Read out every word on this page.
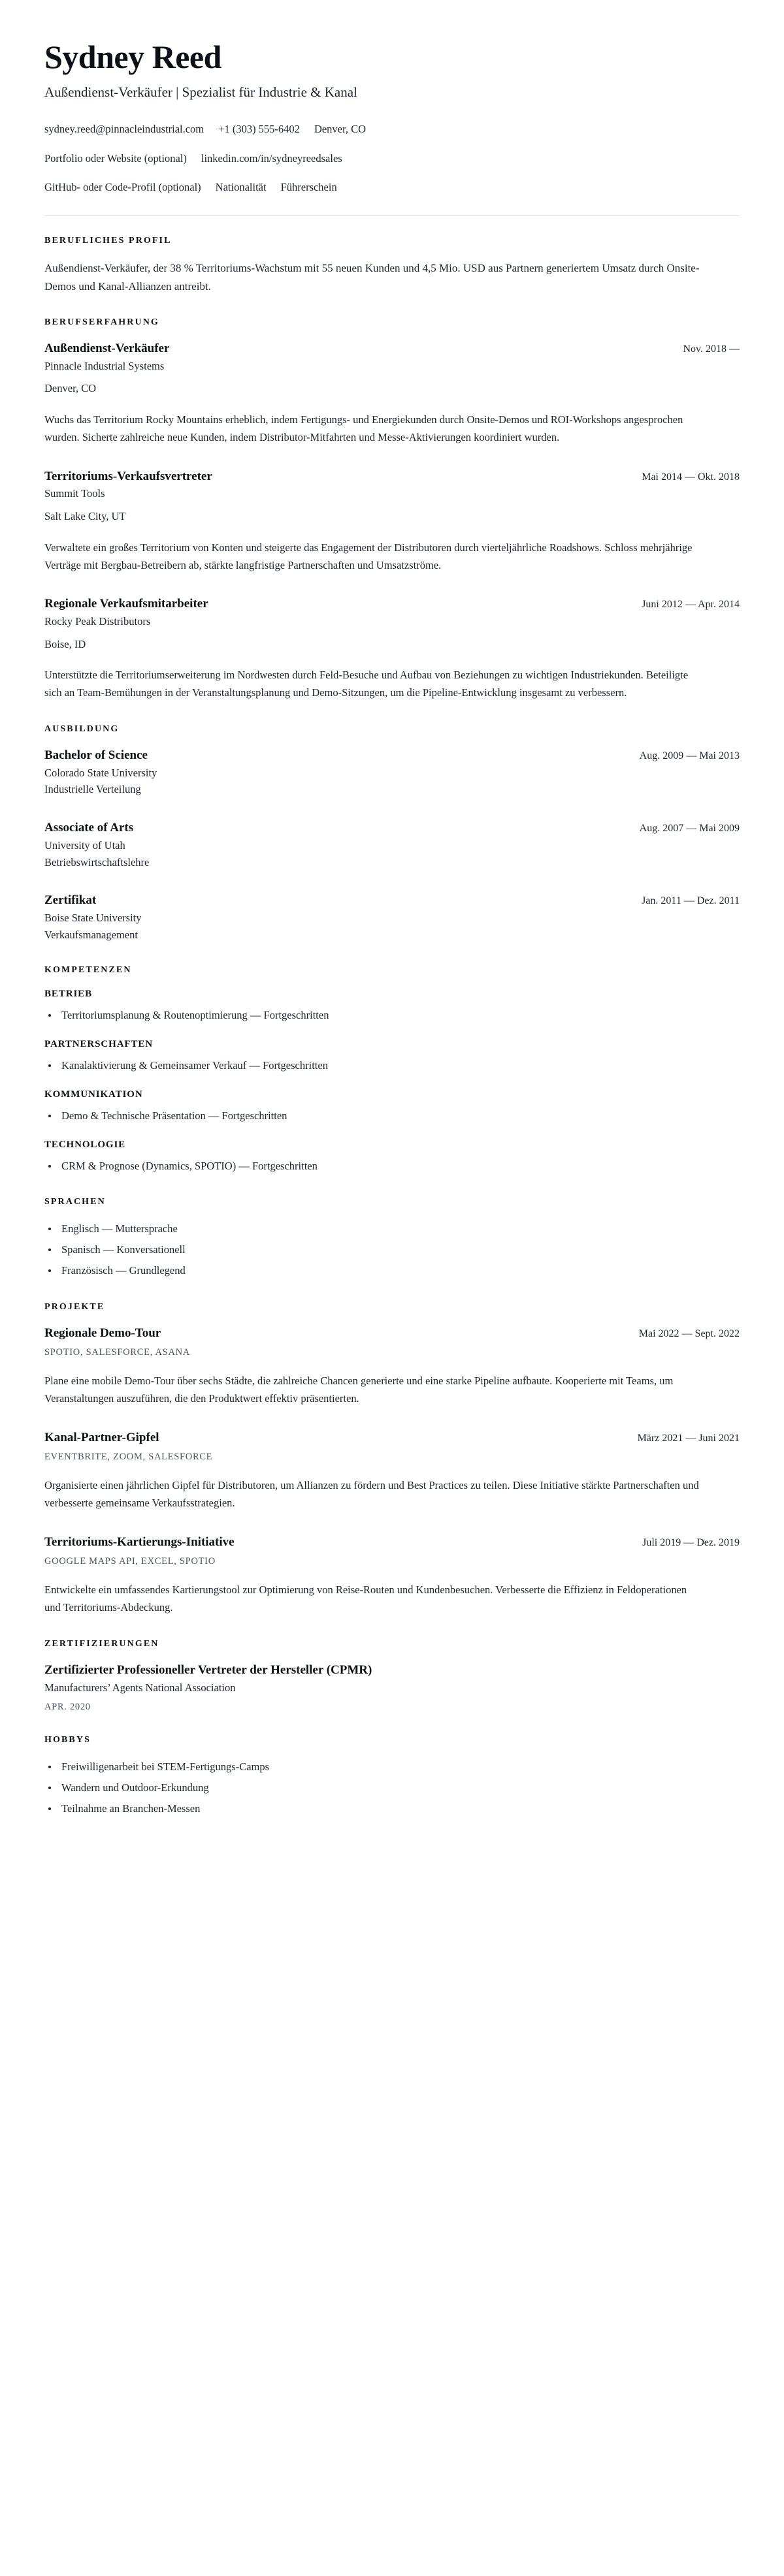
Sydney Reed
Außendienst-Verkäufer | Spezialist für Industrie & Kanal
sydney.reed@pinnacleindustrial.com +1 (303) 555-6402 Denver, CO
Portfolio oder Website (optional) linkedin.com/in/sydneyreedsales
GitHub- oder Code-Profil (optional) Nationalität Führerschein
BERUFLICHES PROFIL

Außendienst-Verkäufer, der 38 % Territoriums-Wachstum mit 55 neuen Kunden und 4,5 Mio. USD aus Partnern generiertem Umsatz durch Onsite-Demos und Kanal-Allianzen antreibt.

BERUFSERFAHRUNG
Außendienst-Verkäufer	Nov. 2018 —
Pinnacle Industrial Systems
Denver, CO

Wuchs das Territorium Rocky Mountains erheblich, indem Fertigungs- und Energiekunden durch Onsite-Demos und ROI-Workshops angesprochen wurden. Sicherte zahlreiche neue Kunden, indem Distributor-Mitfahrten und Messe-Aktivierungen koordiniert wurden.

Territoriums-Verkaufsvertreter	Mai 2014 — Okt. 2018
Summit Tools
Salt Lake City, UT

Verwaltete ein großes Territorium von Konten und steigerte das Engagement der Distributoren durch vierteljährliche Roadshows. Schloss mehrjährige Verträge mit Bergbau-Betreibern ab, stärkte langfristige Partnerschaften und Umsatzströme.

Regionale Verkaufsmitarbeiter	Juni 2012 — Apr. 2014
Rocky Peak Distributors
Boise, ID

Unterstützte die Territoriumserweiterung im Nordwesten durch Feld-Besuche und Aufbau von Beziehungen zu wichtigen Industriekunden. Beteiligte sich an Team-Bemühungen in der Veranstaltungsplanung und Demo-Sitzungen, um die Pipeline-Entwicklung insgesamt zu verbessern.

AUSBILDUNG
Bachelor of Science	Aug. 2009 — Mai 2013
Colorado State University
Industrielle Verteilung
Associate of Arts	Aug. 2007 — Mai 2009
University of Utah
Betriebswirtschaftslehre
Zertifikat	Jan. 2011 — Dez. 2011
Boise State University
Verkaufsmanagement
KOMPETENZEN
BETRIEB
Territoriumsplanung & Routenoptimierung — Fortgeschritten
PARTNERSCHAFTEN
Kanalaktivierung & Gemeinsamer Verkauf — Fortgeschritten
KOMMUNIKATION
Demo & Technische Präsentation — Fortgeschritten
TECHNOLOGIE
CRM & Prognose (Dynamics, SPOTIO) — Fortgeschritten
SPRACHEN
Englisch — Muttersprache
Spanisch — Konversationell
Französisch — Grundlegend
PROJEKTE
Regionale Demo-Tour	Mai 2022 — Sept. 2022
SPOTIO, SALESFORCE, ASANA

Plane eine mobile Demo-Tour über sechs Städte, die zahlreiche Chancen generierte und eine starke Pipeline aufbaute. Kooperierte mit Teams, um Veranstaltungen auszuführen, die den Produktwert effektiv präsentierten.

Kanal-Partner-Gipfel	März 2021 — Juni 2021
EVENTBRITE, ZOOM, SALESFORCE

Organisierte einen jährlichen Gipfel für Distributoren, um Allianzen zu fördern und Best Practices zu teilen. Diese Initiative stärkte Partnerschaften und verbesserte gemeinsame Verkaufsstrategien.

Territoriums-Kartierungs-Initiative	Juli 2019 — Dez. 2019
GOOGLE MAPS API, EXCEL, SPOTIO

Entwickelte ein umfassendes Kartierungstool zur Optimierung von Reise-Routen und Kundenbesuchen. Verbesserte die Effizienz in Feldoperationen und Territoriums-Abdeckung.

ZERTIFIZIERUNGEN
Zertifizierter Professioneller Vertreter der Hersteller (CPMR)
Manufacturers’ Agents National Association
APR. 2020
HOBBYS
Freiwilligenarbeit bei STEM-Fertigungs-Camps
Wandern und Outdoor-Erkundung
Teilnahme an Branchen-Messen
